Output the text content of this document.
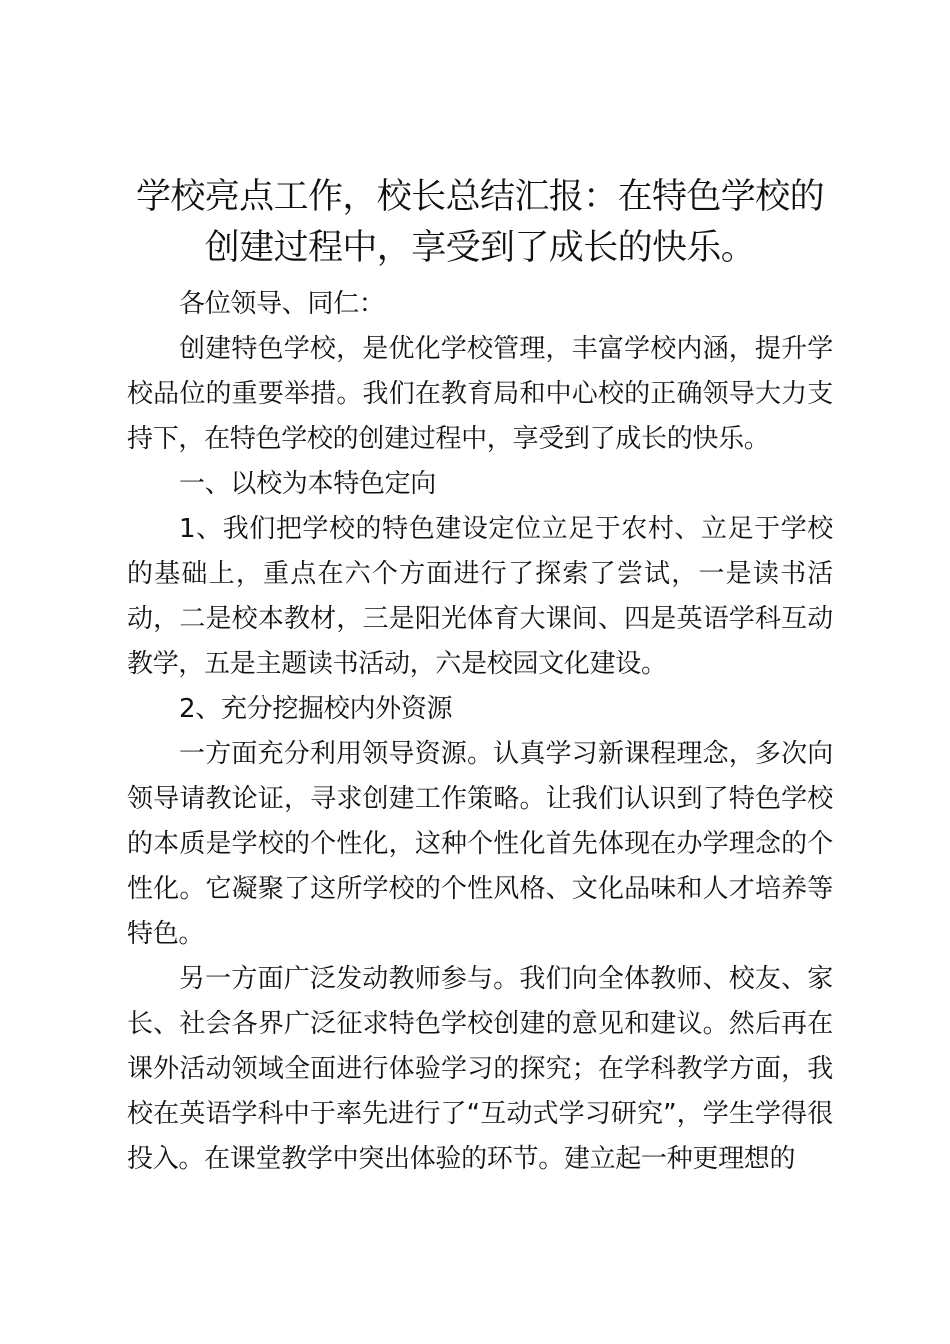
学校亮点工作，校长总结汇报：在特色学校的创建过程中，享受到了成长的快乐。

各位领导、同仁：

创建特色学校，是优化学校管理，丰富学校内涵，提升学校品位的重要举措。我们在教育局和中心校的正确领导大力支持下，在特色学校的创建过程中，享受到了成长的快乐。

一、以校为本特色定向

1、我们把学校的特色建设定位立足于农村、立足于学校的基础上，重点在六个方面进行了探索了尝试，一是读书活动，二是校本教材，三是阳光体育大课间、四是英语学科互动教学，五是主题读书活动，六是校园文化建设。

2、充分挖掘校内外资源

一方面充分利用领导资源。认真学习新课程理念，多次向领导请教论证，寻求创建工作策略。让我们认识到了特色学校的本质是学校的个性化，这种个性化首先体现在办学理念的个性化。它凝聚了这所学校的个性风格、文化品味和人才培养等特色。

另一方面广泛发动教师参与。我们向全体教师、校友、家长、社会各界广泛征求特色学校创建的意见和建议。然后再在课外活动领域全面进行体验学习的探究；在学科教学方面，我校在英语学科中于率先进行了“互动式学习研究”，学生学得很投入。在课堂教学中突出体验的环节。建立起一种更理想的
